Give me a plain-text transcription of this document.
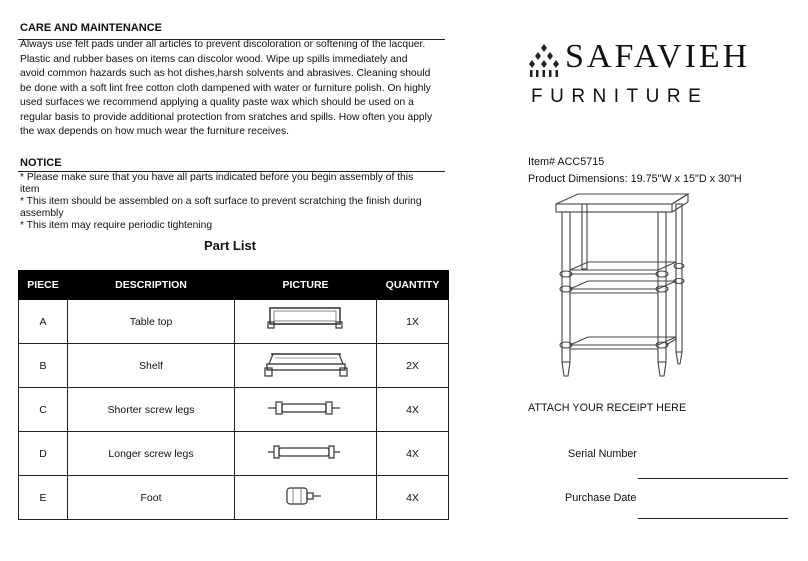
CARE AND MAINTENANCE
Always use felt pads under all articles to prevent discoloration or softening of the lacquer.
Plastic and rubber bases on items can discolor wood. Wipe up spills immediately and
avoid common hazards such as hot dishes,harsh solvents and abrasives. Cleaning should
be done with a soft lint free cotton cloth dampened with water or furniture polish. On highly
used surfaces we recommend applying a quality paste wax which should be used on a
regular basis to provide additional protection from sratches and spills. How often you apply
the wax depends on how much wear the furniture receives.
NOTICE
* Please make sure that you have all parts indicated before you begin assembly of this
item
* This item should be assembled on a soft surface to prevent scratching the finish during
assembly
* This item may require periodic tightening
Part List
PIECE	DESCRIPTION	PICTURE	QUANTITY
A	Table top		1X
B	Shelf		2X
C	Shorter screw legs		4X
D	Longer screw legs		4X
E	Foot		4X
SAFAVIEH
FURNITURE
Item# ACC5715
Product Dimensions: 19.75"W x 15"D x 30"H
ATTACH YOUR RECEIPT HERE
Serial Number
Purchase Date
